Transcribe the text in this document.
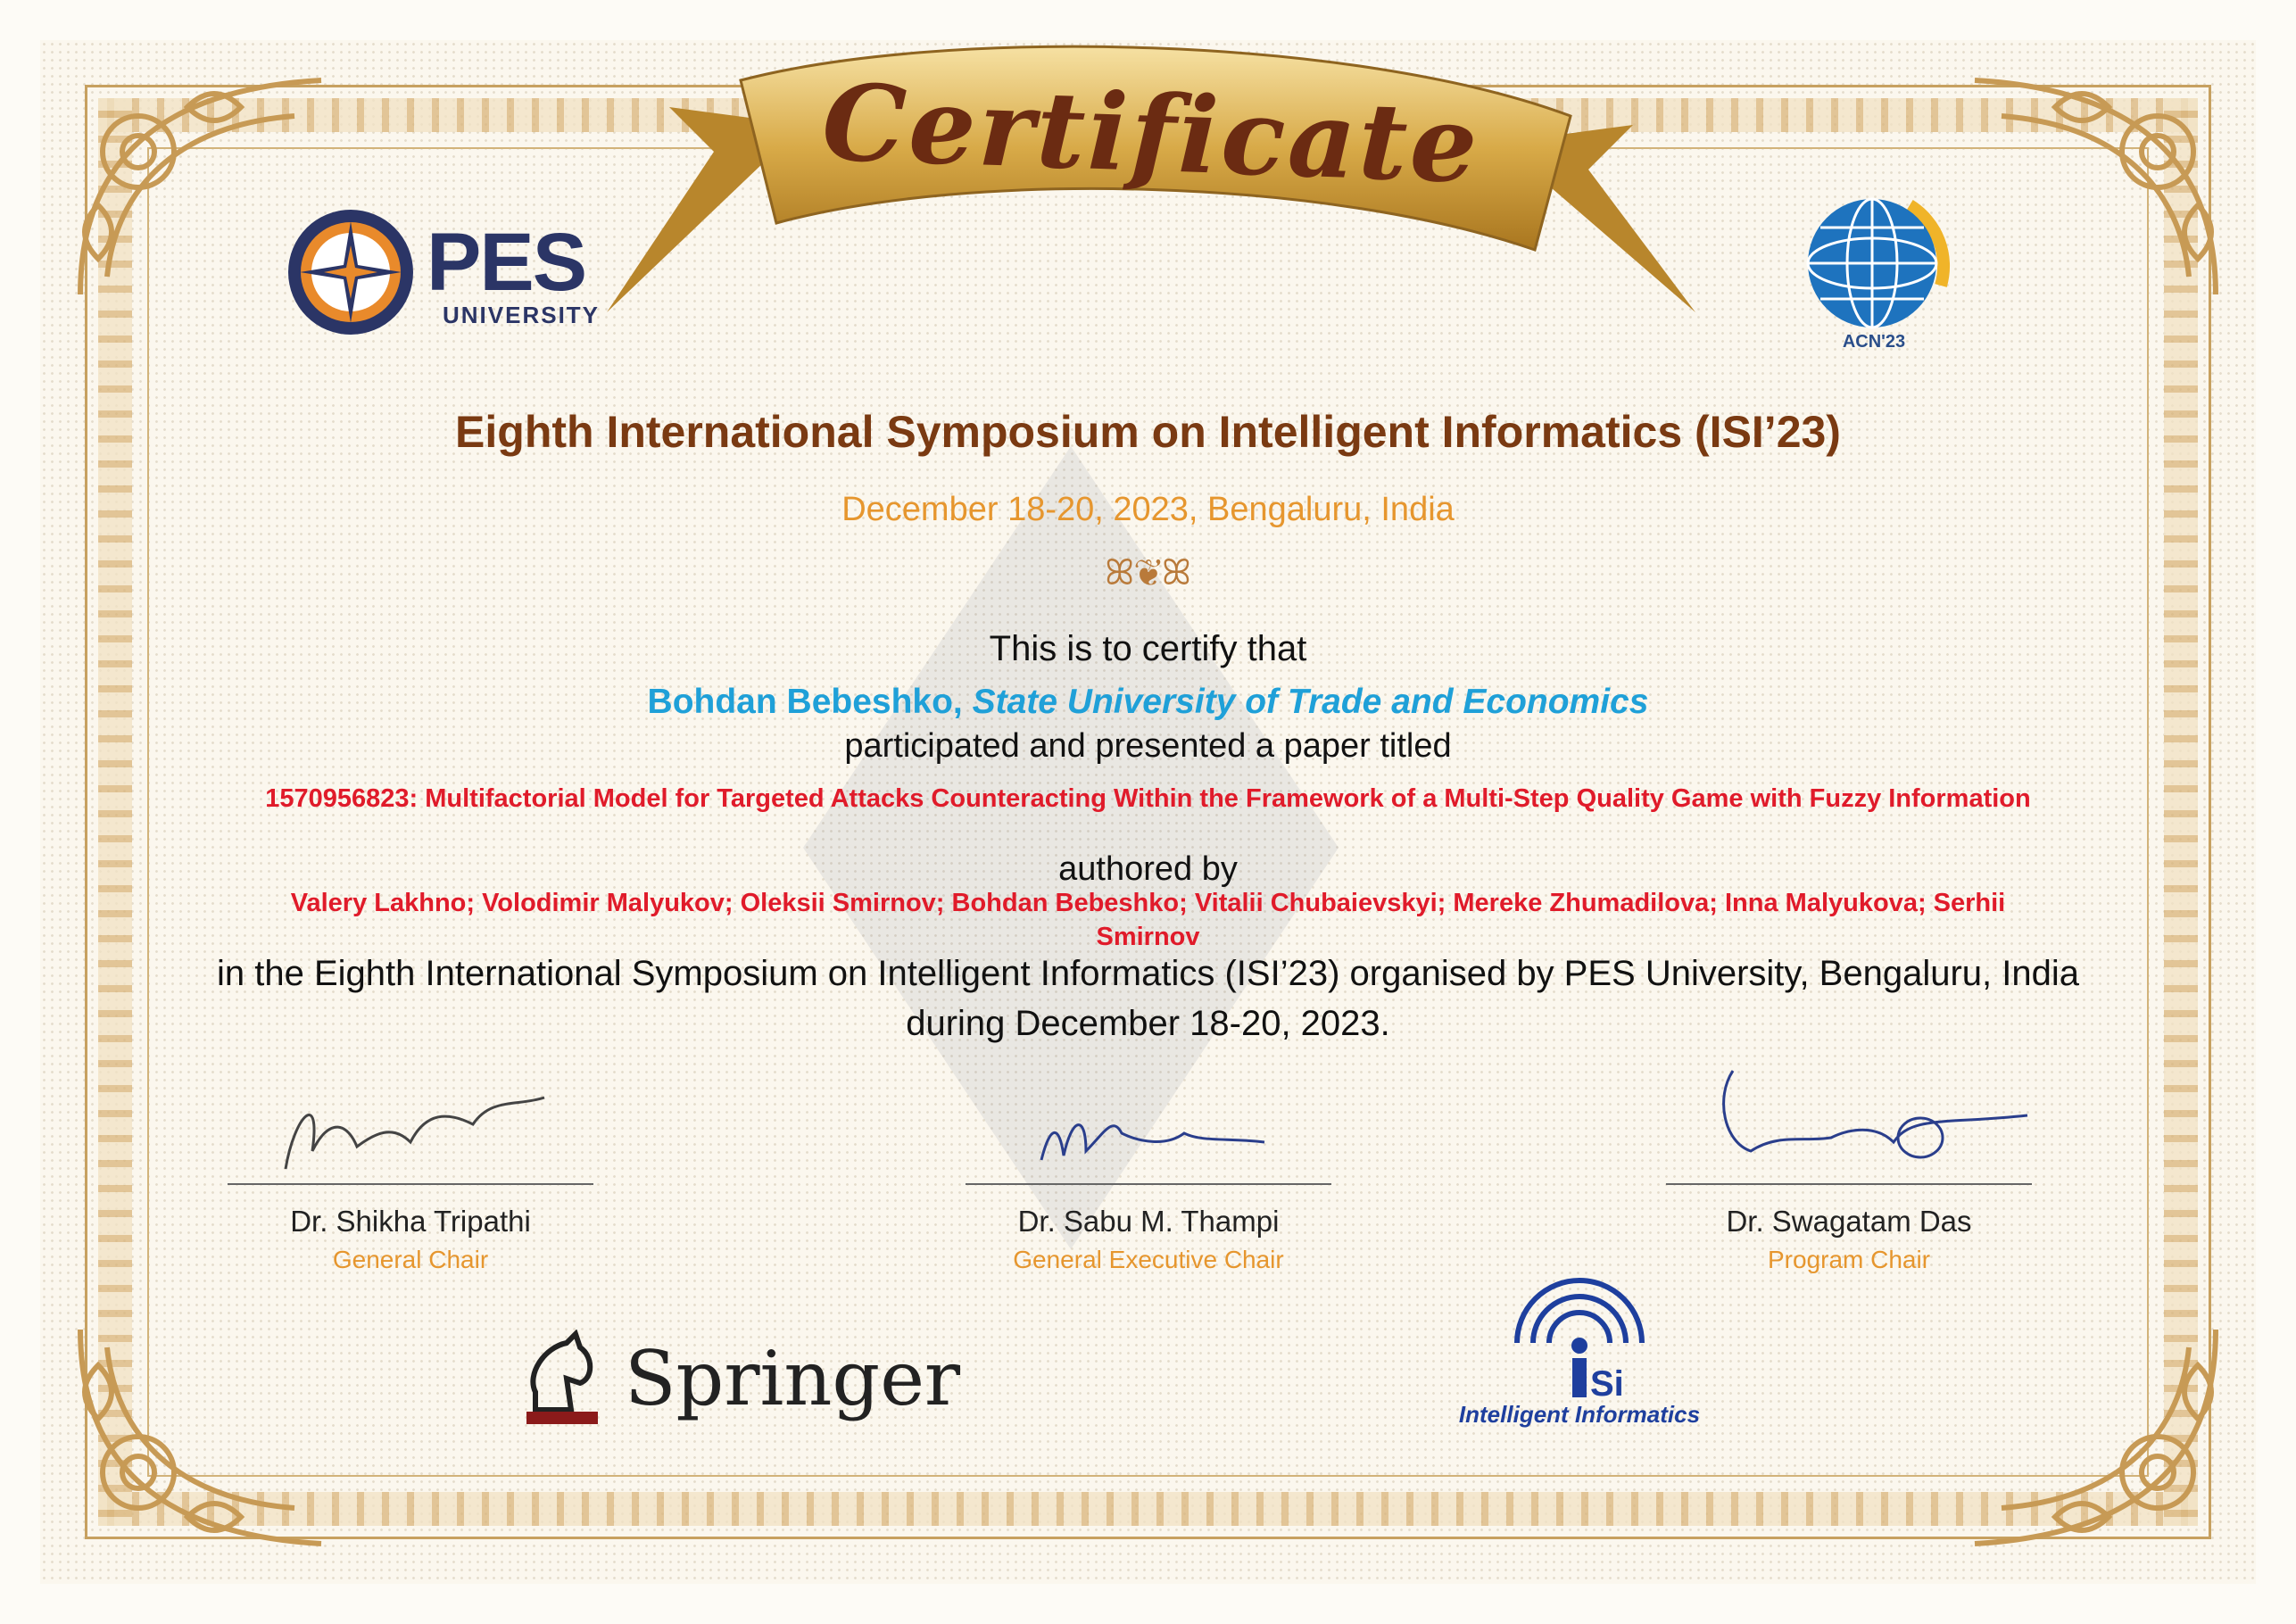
Certificate
PES
UNIVERSITY
ACN'23
Eighth International Symposium on Intelligent Informatics (ISI’23)
December 18-20, 2023, Bengaluru, India
ꕤ❦ꕤ
This is to certify that
Bohdan Bebeshko, State University of Trade and Economics
participated and presented a paper titled
1570956823: Multifactorial Model for Targeted Attacks Counteracting Within the Framework of a Multi-Step Quality Game with Fuzzy Information
authored by
Valery Lakhno; Volodimir Malyukov; Oleksii Smirnov; Bohdan Bebeshko; Vitalii Chubaievskyi; Mereke Zhumadilova; Inna Malyukova; Serhii Smirnov
in the Eighth International Symposium on Intelligent Informatics (ISI’23) organised by PES University, Bengaluru, India during December 18-20, 2023.
Dr. Shikha Tripathi
General Chair
Dr. Sabu M. Thampi
General Executive Chair
Dr. Swagatam Das
Program Chair
Springer	Si
Intelligent Informatics
